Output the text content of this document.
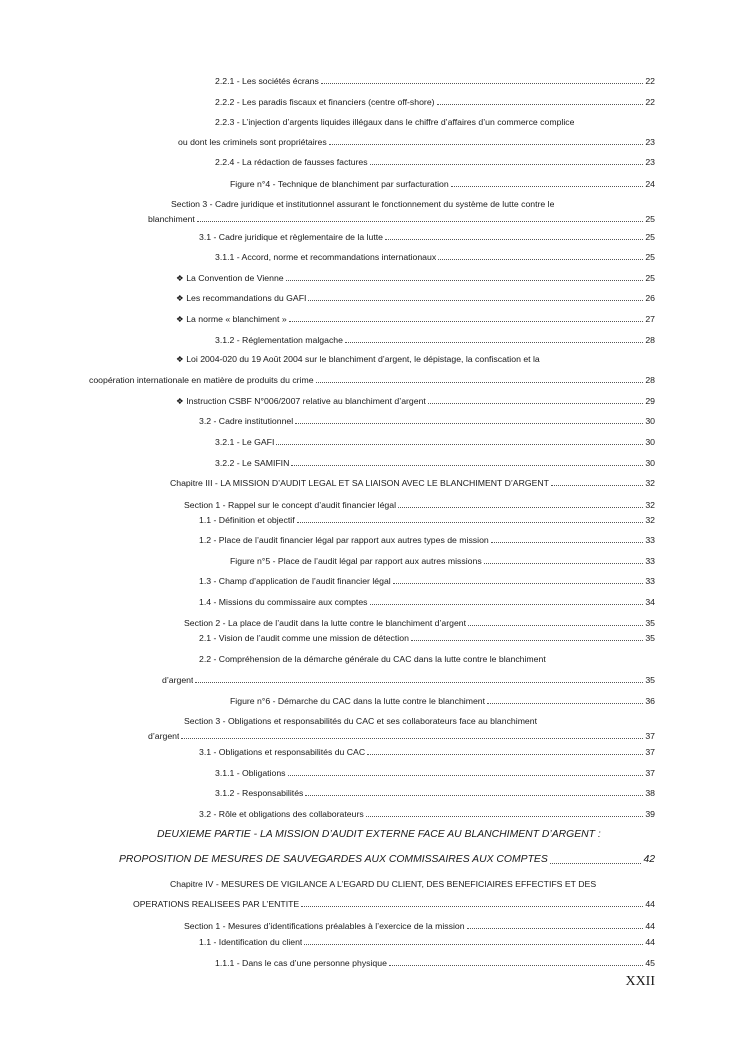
2.2.1 - Les sociétés écrans	22
2.2.2 - Les paradis fiscaux et financiers (centre off-shore)	22
2.2.3 - L’injection d’argents liquides illégaux dans le chiffre d’affaires d’un commerce complice
ou dont les criminels sont propriétaires	23
2.2.4 - La rédaction de fausses factures	23
Figure n°4 - Technique de blanchiment par surfacturation	24
Section 3 - Cadre juridique et institutionnel assurant le fonctionnement du système de lutte contre le
blanchiment	25
3.1 - Cadre juridique et règlementaire de la lutte	25
3.1.1 - Accord, norme et recommandations internationaux	25
❖ La Convention de Vienne	25
❖ Les recommandations du GAFI	26
❖ La norme « blanchiment »	27
3.1.2 - Réglementation malgache	28
❖ Loi 2004-020 du 19 Août 2004 sur le blanchiment d’argent, le dépistage, la confiscation et la
coopération internationale en matière de produits du crime	28
❖ Instruction CSBF N°006/2007 relative au blanchiment d’argent	29
3.2 - Cadre institutionnel	30
3.2.1 - Le GAFI	30
3.2.2 - Le SAMIFIN	30
Chapitre III - LA MISSION D’AUDIT LEGAL ET SA LIAISON AVEC LE BLANCHIMENT D’ARGENT	32
Section 1 - Rappel sur le concept d’audit financier légal	32
1.1 - Définition et objectif	32
1.2 - Place de l’audit financier légal par rapport aux autres types de mission	33
Figure n°5 - Place de l’audit légal par rapport aux autres missions	33
1.3 - Champ d’application de l’audit financier légal	33
1.4 - Missions du commissaire aux comptes	34
Section 2 - La place de l’audit dans la lutte contre le blanchiment d’argent	35
2.1 - Vision de l’audit comme une mission de détection	35
2.2 - Compréhension de la démarche générale du CAC dans la lutte contre le blanchiment
d’argent	35
Figure n°6 - Démarche du CAC dans la lutte contre le blanchiment	36
Section 3 - Obligations et responsabilités du CAC et ses collaborateurs face au blanchiment
d’argent	37
3.1 - Obligations et responsabilités du CAC	37
3.1.1 - Obligations	37
3.1.2 - Responsabilités	38
3.2 - Rôle et obligations des collaborateurs	39
DEUXIEME PARTIE - LA MISSION D’AUDIT EXTERNE FACE AU BLANCHIMENT D’ARGENT :
PROPOSITION DE MESURES DE SAUVEGARDES AUX COMMISSAIRES AUX COMPTES	42
Chapitre IV - MESURES DE VIGILANCE A L’EGARD DU CLIENT, DES BENEFICIAIRES EFFECTIFS ET DES
OPERATIONS REALISEES PAR L’ENTITE	44
Section 1 - Mesures d’identifications préalables à l’exercice de la mission	44
1.1 - Identification du client	44
1.1.1 - Dans le cas d’une personne physique	45
XXII
